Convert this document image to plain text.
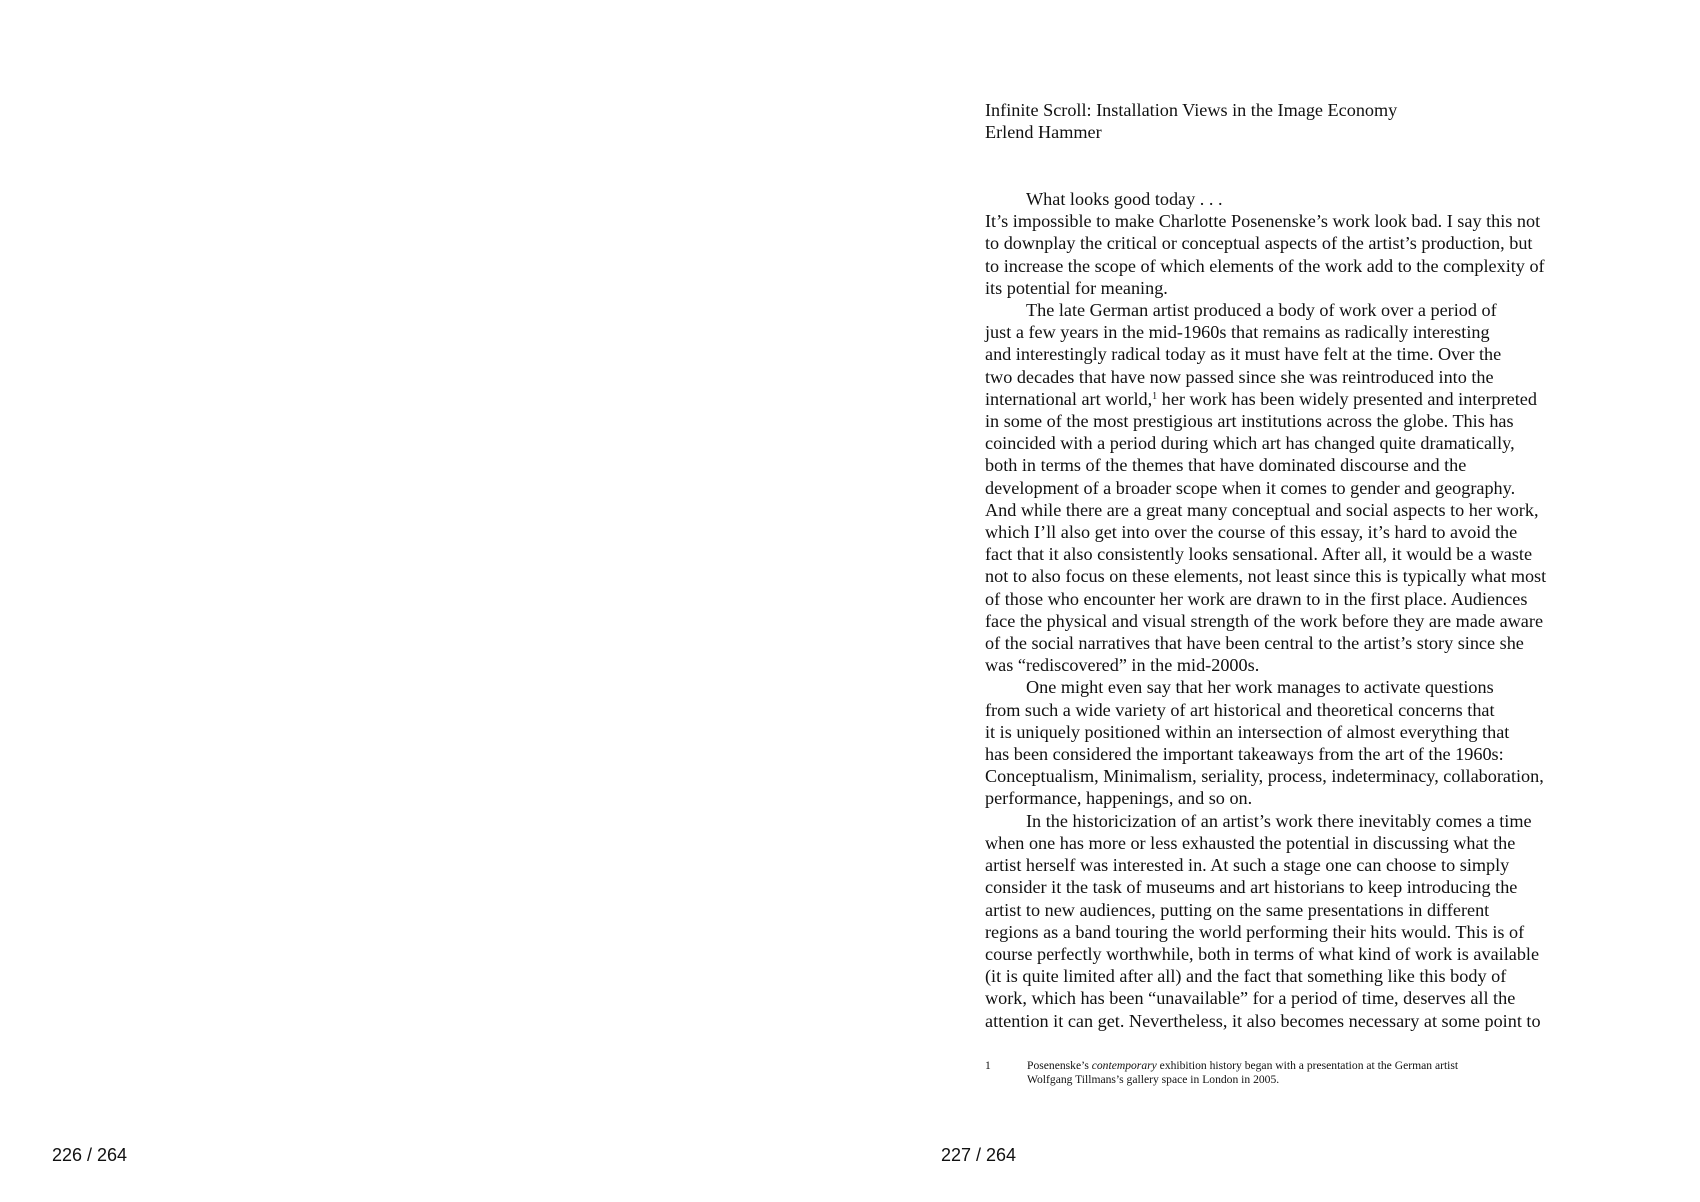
226 / 264
Infinite Scroll: Installation Views in the Image Economy
Erlend Hammer
What looks good today . . .
It’s impossible to make Charlotte Posenenske’s work look bad. I say this not
to downplay the critical or conceptual aspects of the artist’s production, but
to increase the scope of which elements of the work add to the complexity of
its potential for meaning.
The late German artist produced a body of work over a period of
just a few years in the mid-1960s that remains as radically interesting
and interestingly radical today as it must have felt at the time. Over the
two decades that have now passed since she was reintroduced into the
international art world,$^1$ her work has been widely presented and interpreted
in some of the most prestigious art institutions across the globe. This has
coincided with a period during which art has changed quite dramatically,
both in terms of the themes that have dominated discourse and the
development of a broader scope when it comes to gender and geography.
And while there are a great many conceptual and social aspects to her work,
which I’ll also get into over the course of this essay, it’s hard to avoid the
fact that it also consistently looks sensational. After all, it would be a waste
not to also focus on these elements, not least since this is typically what most
of those who encounter her work are drawn to in the first place. Audiences
face the physical and visual strength of the work before they are made aware
of the social narratives that have been central to the artist’s story since she
was “rediscovered” in the mid-2000s.
One might even say that her work manages to activate questions
from such a wide variety of art historical and theoretical concerns that
it is uniquely positioned within an intersection of almost everything that
has been considered the important takeaways from the art of the 1960s:
Conceptualism, Minimalism, seriality, process, indeterminacy, collaboration,
performance, happenings, and so on.
In the historicization of an artist’s work there inevitably comes a time
when one has more or less exhausted the potential in discussing what the
artist herself was interested in. At such a stage one can choose to simply
consider it the task of museums and art historians to keep introducing the
artist to new audiences, putting on the same presentations in different
regions as a band touring the world performing their hits would. This is of
course perfectly worthwhile, both in terms of what kind of work is available
(it is quite limited after all) and the fact that something like this body of
work, which has been “unavailable” for a period of time, deserves all the
attention it can get. Nevertheless, it also becomes necessary at some point to
1	Posenenske’s contemporary exhibition history began with a presentation at the German artist
Wolfgang Tillmans’s gallery space in London in 2005.
227 / 264
